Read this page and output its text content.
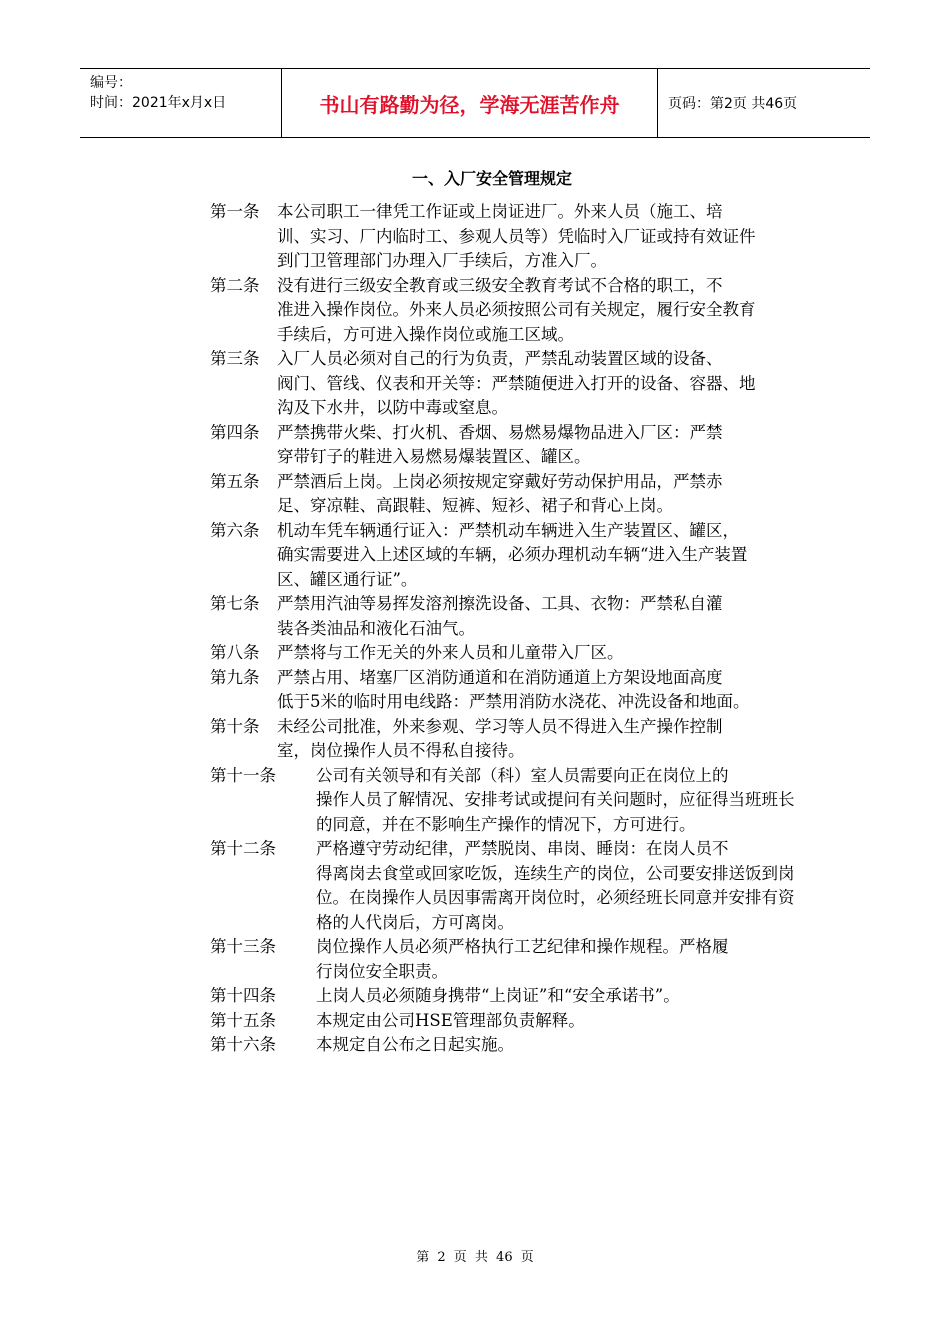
编号：
时间：2021年x月x日	书山有路勤为径，学海无涯苦作舟	页码：第2页 共46页
一、入厂安全管理规定
第一条	本公司职工一律凭工作证或上岗证进厂。外来人员（施工、培
训、实习、厂内临时工、参观人员等）凭临时入厂证或持有效证件
到门卫管理部门办理入厂手续后，方准入厂。
第二条	没有进行三级安全教育或三级安全教育考试不合格的职工，不
准进入操作岗位。外来人员必须按照公司有关规定，履行安全教育
手续后，方可进入操作岗位或施工区域。
第三条	入厂人员必须对自己的行为负责，严禁乱动装置区域的设备、
阀门、管线、仪表和开关等：严禁随便进入打开的设备、容器、地
沟及下水井，以防中毒或窒息。
第四条	严禁携带火柴、打火机、香烟、易燃易爆物品进入厂区：严禁
穿带钉子的鞋进入易燃易爆装置区、罐区。
第五条	严禁酒后上岗。上岗必须按规定穿戴好劳动保护用品，严禁赤
足、穿凉鞋、高跟鞋、短裤、短衫、裙子和背心上岗。
第六条	机动车凭车辆通行证入：严禁机动车辆进入生产装置区、罐区，
确实需要进入上述区域的车辆，必须办理机动车辆“进入生产装置
区、罐区通行证”。
第七条	严禁用汽油等易挥发溶剂擦洗设备、工具、衣物：严禁私自灌
装各类油品和液化石油气。
第八条	严禁将与工作无关的外来人员和儿童带入厂区。
第九条	严禁占用、堵塞厂区消防通道和在消防通道上方架设地面高度
低于5米的临时用电线路：严禁用消防水浇花、冲洗设备和地面。
第十条	未经公司批准，外来参观、学习等人员不得进入生产操作控制
室，岗位操作人员不得私自接待。
第十一条	公司有关领导和有关部（科）室人员需要向正在岗位上的
操作人员了解情况、安排考试或提问有关问题时，应征得当班班长
的同意，并在不影响生产操作的情况下，方可进行。
第十二条	严格遵守劳动纪律，严禁脱岗、串岗、睡岗：在岗人员不
得离岗去食堂或回家吃饭，连续生产的岗位，公司要安排送饭到岗
位。在岗操作人员因事需离开岗位时，必须经班长同意并安排有资
格的人代岗后，方可离岗。
第十三条	岗位操作人员必须严格执行工艺纪律和操作规程。严格履
行岗位安全职责。
第十四条	上岗人员必须随身携带“上岗证”和“安全承诺书”。
第十五条	本规定由公司HSE管理部负责解释。
第十六条	本规定自公布之日起实施。
第 2 页 共 46 页
